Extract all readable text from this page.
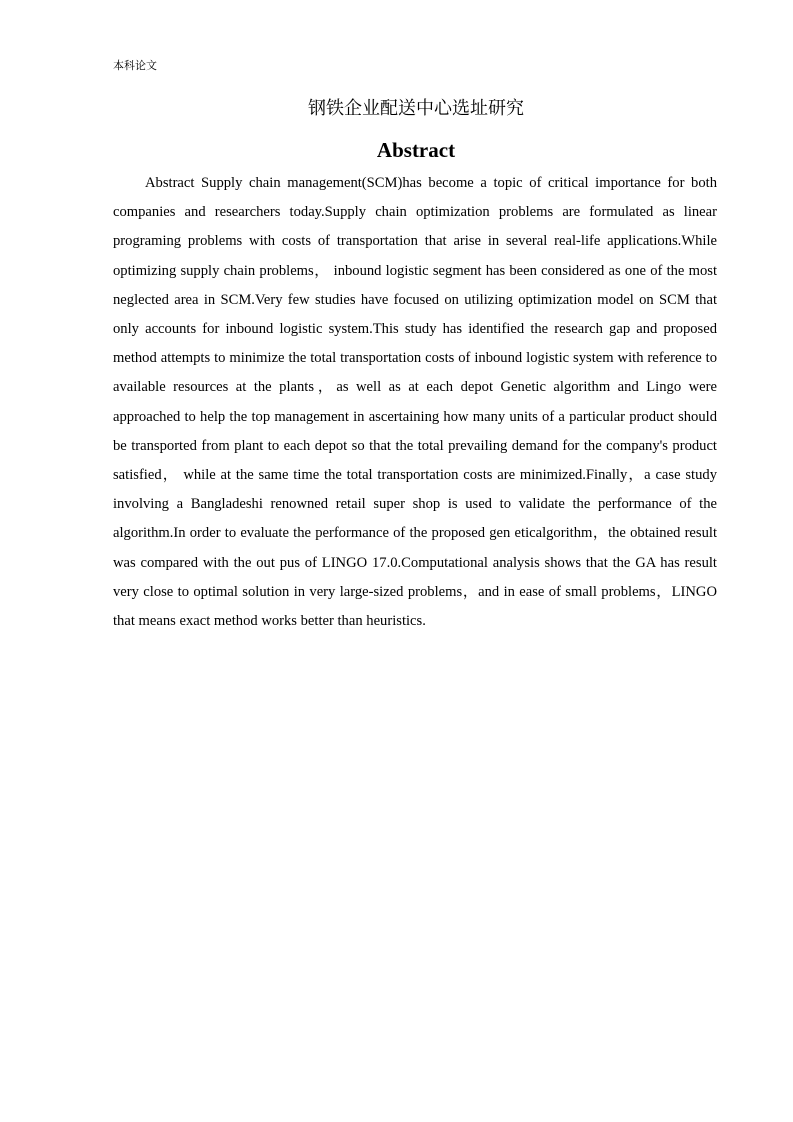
本科论文
钢铁企业配送中心选址研究
Abstract

Abstract Supply chain management(SCM)has become a topic of critical importance for both companies and researchers today.Supply chain optimization problems are formulated as linear programing problems with costs of transportation that arise in several real-life applications.While optimizing supply chain problems， inbound logistic segment has been considered as one of the most neglected area in SCM.Very few studies have focused on utilizing optimization model on SCM that only accounts for inbound logistic system.This study has identified the research gap and proposed method attempts to minimize the total transportation costs of inbound logistic system with reference to available resources at the plants，as well as at each depot Genetic algorithm and Lingo were approached to help the top management in ascertaining how many units of a particular product should be transported from plant to each depot so that the total prevailing demand for the company's product satisfied， while at the same time the total transportation costs are minimized.Finally，a case study involving a Bangladeshi renowned retail super shop is used to validate the performance of the algorithm.In order to evaluate the performance of the proposed gen eticalgorithm，the obtained result was compared with the out pus of LINGO 17.0.Computational analysis shows that the GA has result very close to optimal solution in very large-sized problems，and in ease of small problems，LINGO that means exact method works better than heuristics.
